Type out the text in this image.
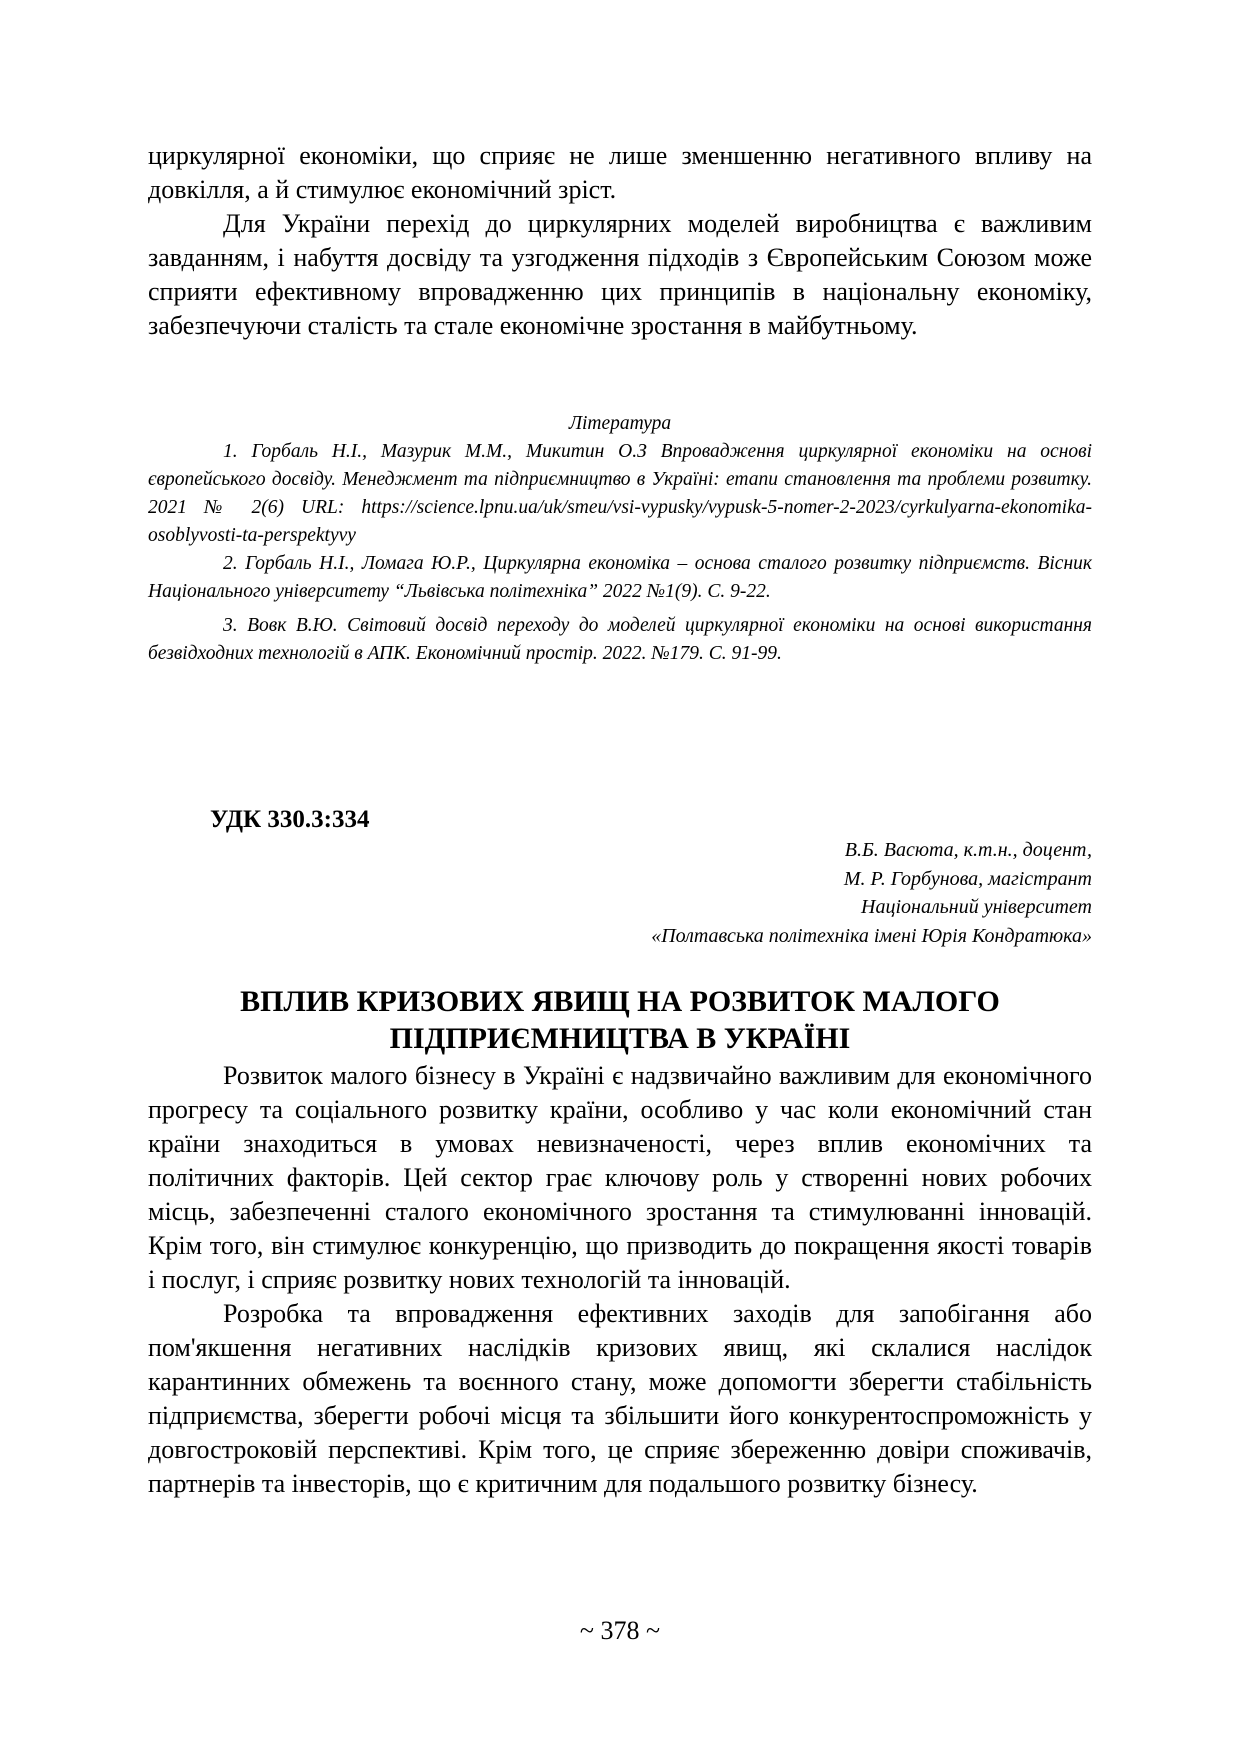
циркулярної економіки, що сприяє не лише зменшенню негативного впливу на довкілля, а й стимулює економічний зріст.

Для України перехід до циркулярних моделей виробництва є важливим завданням, і набуття досвіду та узгодження підходів з Європейським Союзом може сприяти ефективному впровадженню цих принципів в національну економіку, забезпечуючи сталість та стале економічне зростання в майбутньому.

Література

1. Горбаль Н.І., Мазурик М.М., Микитин О.З Впровадження циркулярної економіки на основі європейського досвіду. Менеджмент та підприємництво в Україні: етапи становлення та проблеми розвитку. 2021 № 2(6) URL: https://science.lpnu.ua/uk/smeu/vsi-vypusky/vypusk-5-nomer-2-2023/cyrkulyarna-ekonomika-osoblyvosti-ta-perspektyvy

2. Горбаль Н.І., Ломага Ю.Р., Циркулярна економіка – основа сталого розвитку підприємств. Вісник Національного університету “Львівська політехніка” 2022 №1(9). С. 9-22.

3. Вовк В.Ю. Світовий досвід переходу до моделей циркулярної економіки на основі використання безвідходних технологій в АПК. Економічний простір. 2022. №179. С. 91-99.

УДК 330.3:334

В.Б. Васюта, к.т.н., доцент,
М. Р. Горбунова, магістрант
Національний університет
«Полтавська політехніка імені Юрія Кондратюка»
ВПЛИВ КРИЗОВИХ ЯВИЩ НА РОЗВИТОК МАЛОГО ПІДПРИЄМНИЦТВА В УКРАЇНІ

Розвиток малого бізнесу в Україні є надзвичайно важливим для економічного прогресу та соціального розвитку країни, особливо у час коли економічний стан країни знаходиться в умовах невизначеності, через вплив економічних та політичних факторів. Цей сектор грає ключову роль у створенні нових робочих місць, забезпеченні сталого економічного зростання та стимулюванні інновацій. Крім того, він стимулює конкуренцію, що призводить до покращення якості товарів і послуг, і сприяє розвитку нових технологій та інновацій.

Розробка та впровадження ефективних заходів для запобігання або пом'якшення негативних наслідків кризових явищ, які склалися наслідок карантинних обмежень та воєнного стану, може допомогти зберегти стабільність підприємства, зберегти робочі місця та збільшити його конкурентоспроможність у довгостроковій перспективі. Крім того, це сприяє збереженню довіри споживачів, партнерів та інвесторів, що є критичним для подальшого розвитку бізнесу.

~ 378 ~
